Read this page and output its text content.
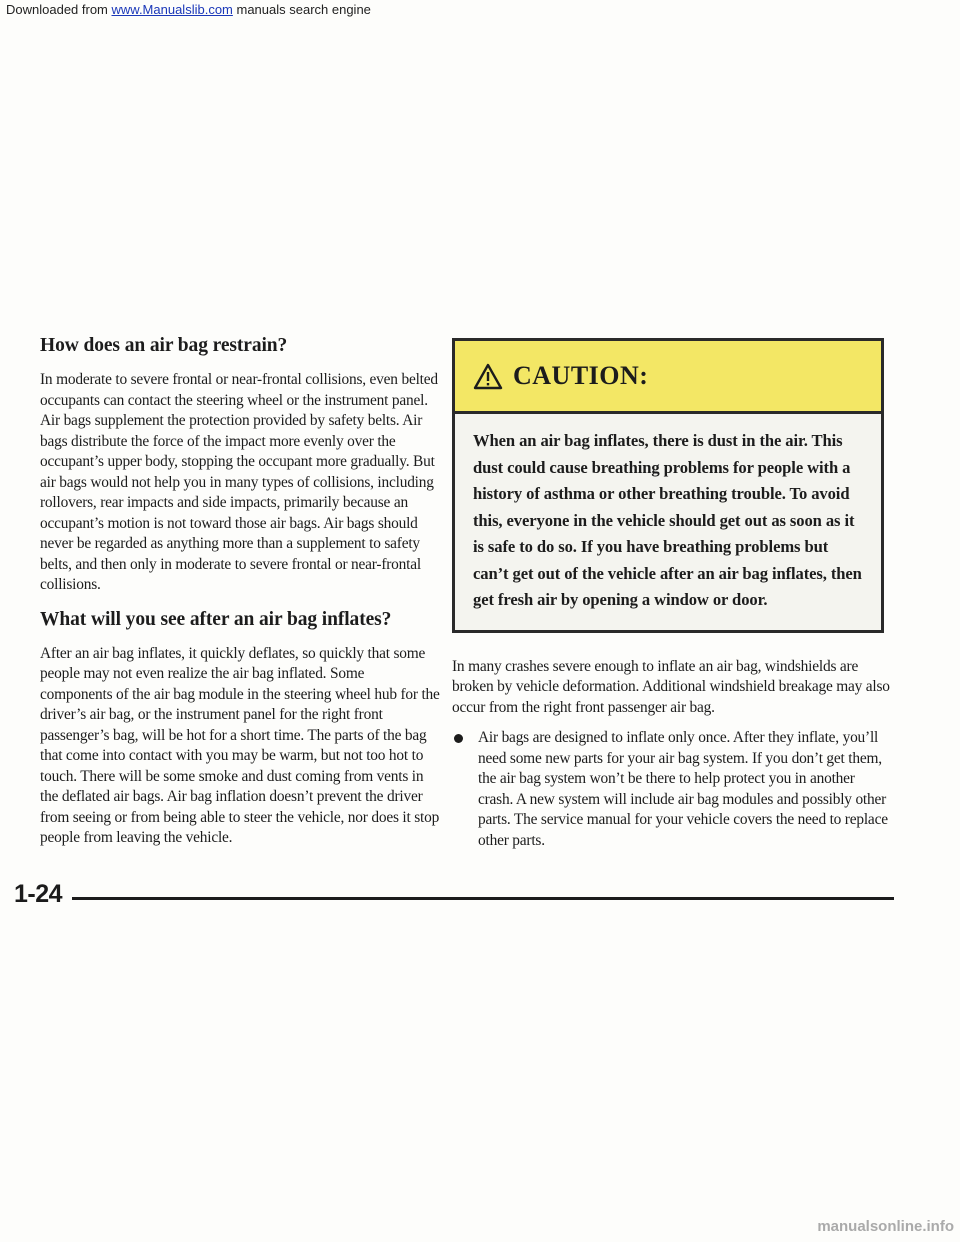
Downloaded from www.Manualslib.com manuals search engine
How does an air bag restrain?

In moderate to severe frontal or near-frontal collisions, even belted occupants can contact the steering wheel or the instrument panel. Air bags supplement the protection provided by safety belts. Air bags distribute the force of the impact more evenly over the occupant’s upper body, stopping the occupant more gradually. But air bags would not help you in many types of collisions, including rollovers, rear impacts and side impacts, primarily because an occupant’s motion is not toward those air bags. Air bags should never be regarded as anything more than a supplement to safety belts, and then only in moderate to severe frontal or near-frontal collisions.

What will you see after an air bag inflates?

After an air bag inflates, it quickly deflates, so quickly that some people may not even realize the air bag inflated. Some components of the air bag module in the steering wheel hub for the driver’s air bag, or the instrument panel for the right front passenger’s bag, will be hot for a short time. The parts of the bag that come into contact with you may be warm, but not too hot to touch. There will be some smoke and dust coming from vents in the deflated air bags. Air bag inflation doesn’t prevent the driver from seeing or from being able to steer the vehicle, nor does it stop people from leaving the vehicle.

CAUTION:
When an air bag inflates, there is dust in the air. This dust could cause breathing problems for people with a history of asthma or other breathing trouble. To avoid this, everyone in the vehicle should get out as soon as it is safe to do so. If you have breathing problems but can’t get out of the vehicle after an air bag inflates, then get fresh air by opening a window or door.

In many crashes severe enough to inflate an air bag, windshields are broken by vehicle deformation. Additional windshield breakage may also occur from the right front passenger air bag.

Air bags are designed to inflate only once. After they inflate, you’ll need some new parts for your air bag system. If you don’t get them, the air bag system won’t be there to help protect you in another crash. A new system will include air bag modules and possibly other parts. The service manual for your vehicle covers the need to replace other parts.

1-24
manualsonline.info
